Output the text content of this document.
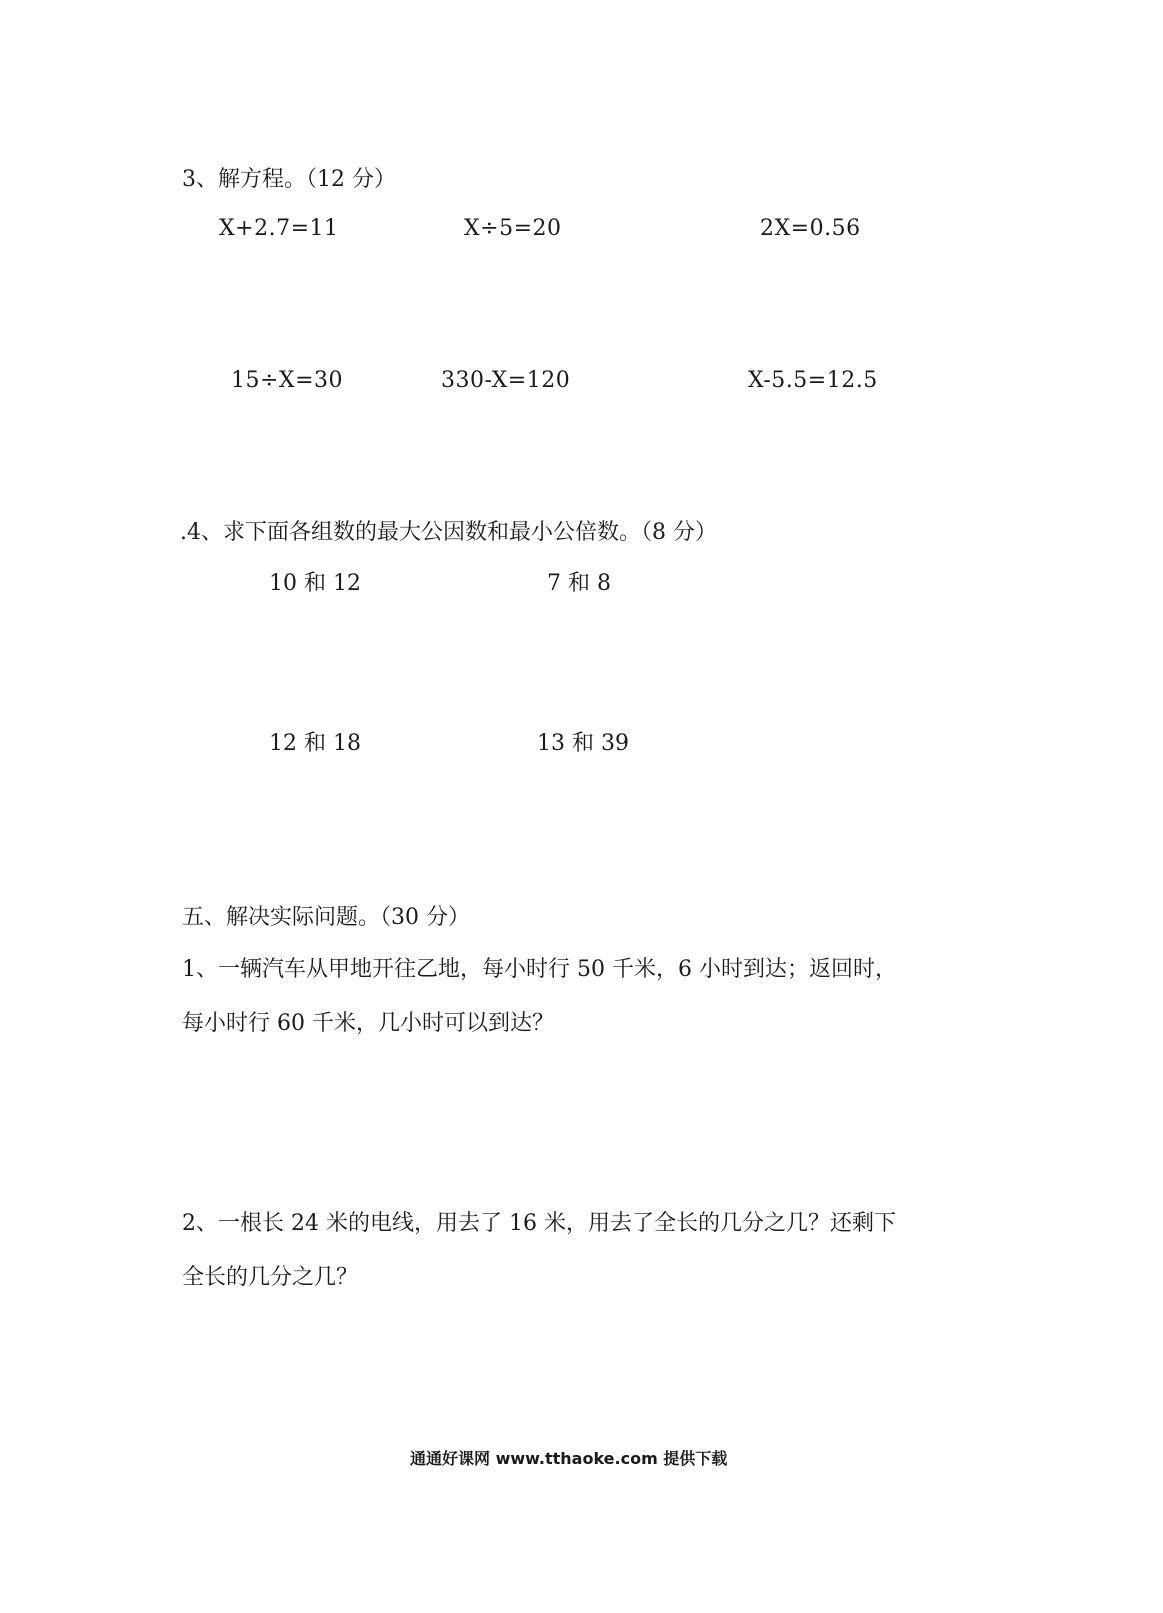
3、解方程。（12 分）
X+2.7=11	X÷5=20	2X=0.56
15÷X=30	330-X=120	X-5.5=12.5
.4、求下面各组数的最大公因数和最小公倍数。（8 分）
10 和 12	7 和 8
12 和 18	13 和 39
五、解决实际问题。（30 分）
1、一辆汽车从甲地开往乙地，每小时行 50 千米，6 小时到达；返回时，
每小时行 60 千米，几小时可以到达？
2、一根长 24 米的电线，用去了 16 米，用去了全长的几分之几？还剩下
全长的几分之几？
通通好课网 www.tthaoke.com 提供下载
